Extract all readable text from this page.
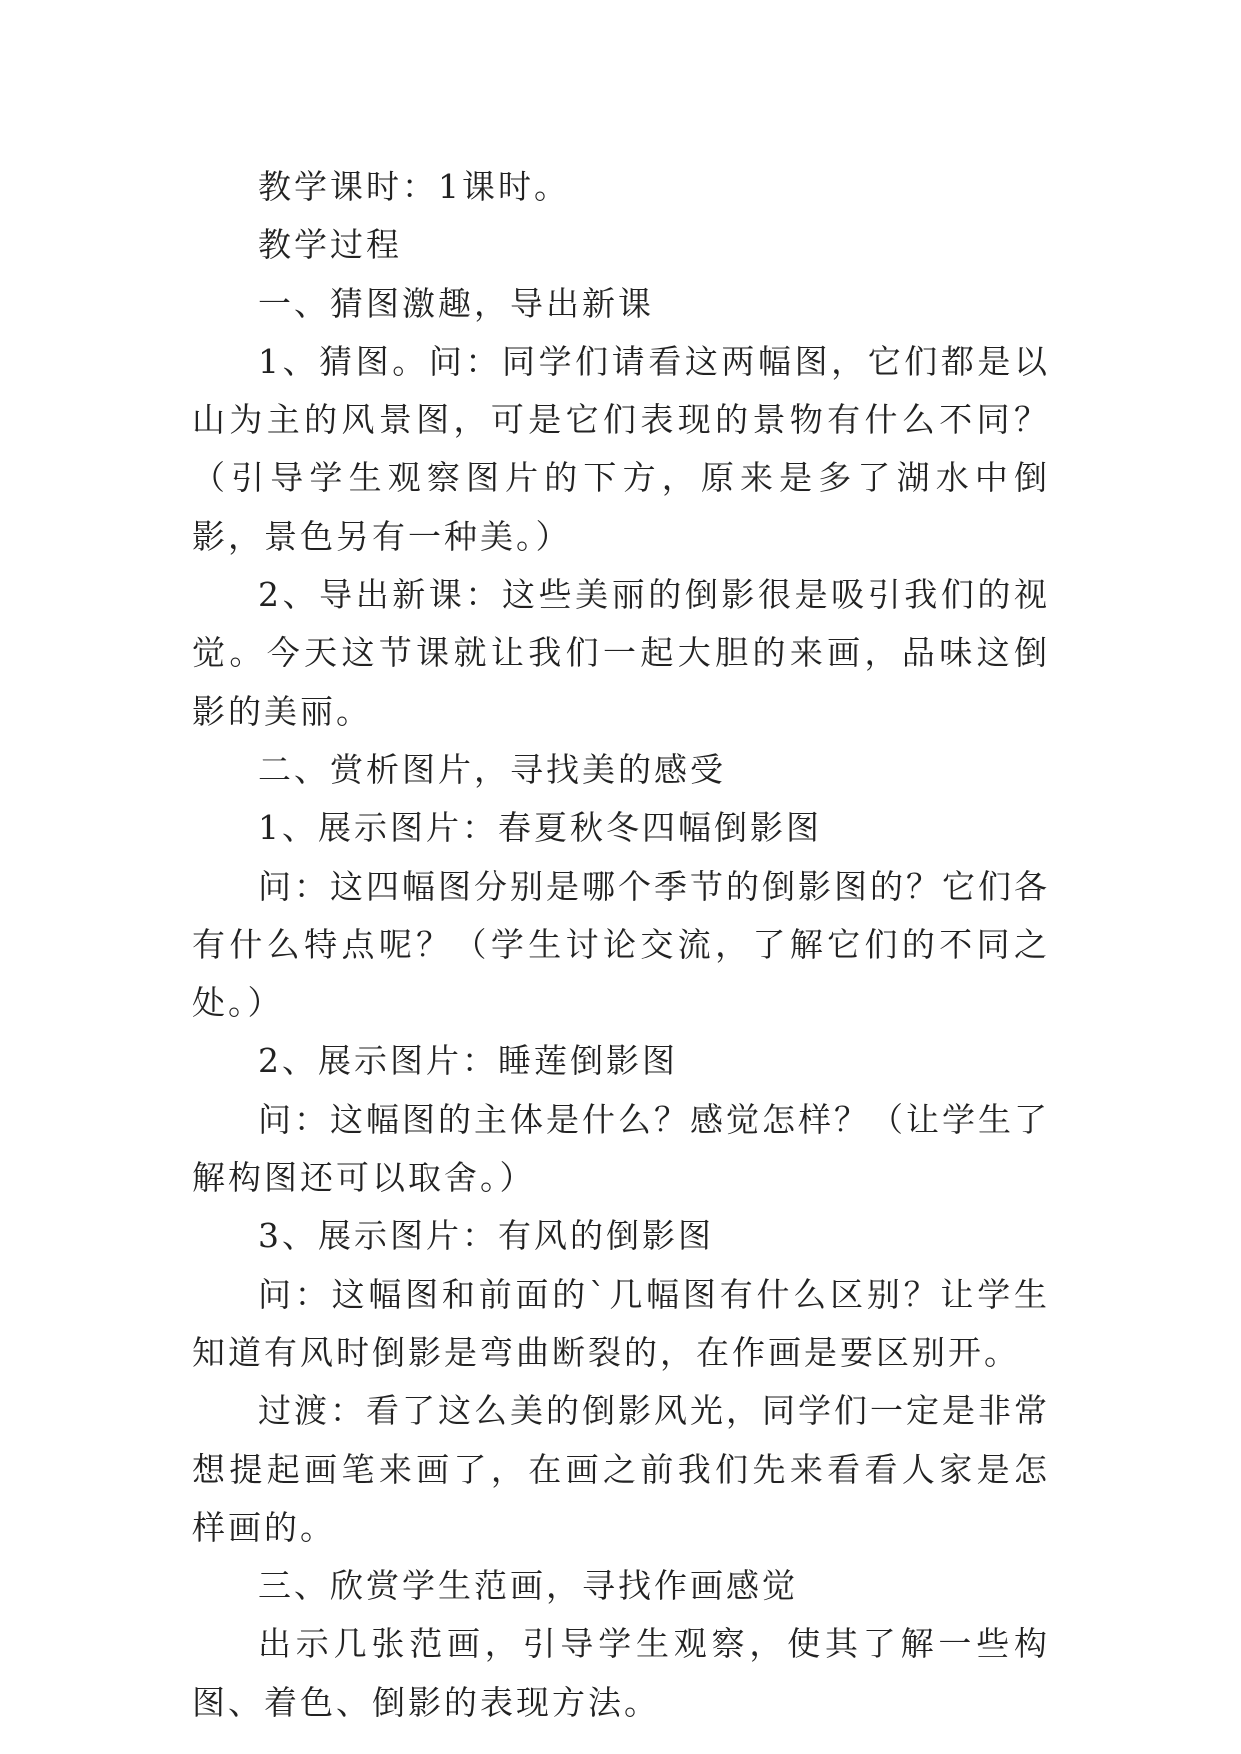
教学课时：1课时。

教学过程

一、猜图激趣，导出新课

1、猜图。问：同学们请看这两幅图，它们都是以山为主的风景图，可是它们表现的景物有什么不同？（引导学生观察图片的下方，原来是多了湖水中倒影，景色另有一种美。）

2、导出新课：这些美丽的倒影很是吸引我们的视觉。今天这节课就让我们一起大胆的来画，品味这倒影的美丽。

二、赏析图片，寻找美的感受

1、展示图片：春夏秋冬四幅倒影图

问：这四幅图分别是哪个季节的倒影图的？它们各有什么特点呢？（学生讨论交流，了解它们的不同之处。）

2、展示图片：睡莲倒影图

问：这幅图的主体是什么？感觉怎样？（让学生了解构图还可以取舍。）

3、展示图片：有风的倒影图

问：这幅图和前面的`几幅图有什么区别？让学生知道有风时倒影是弯曲断裂的，在作画是要区别开。

过渡：看了这么美的倒影风光，同学们一定是非常想提起画笔来画了，在画之前我们先来看看人家是怎样画的。

三、欣赏学生范画，寻找作画感觉

出示几张范画，引导学生观察，使其了解一些构图、着色、倒影的表现方法。
